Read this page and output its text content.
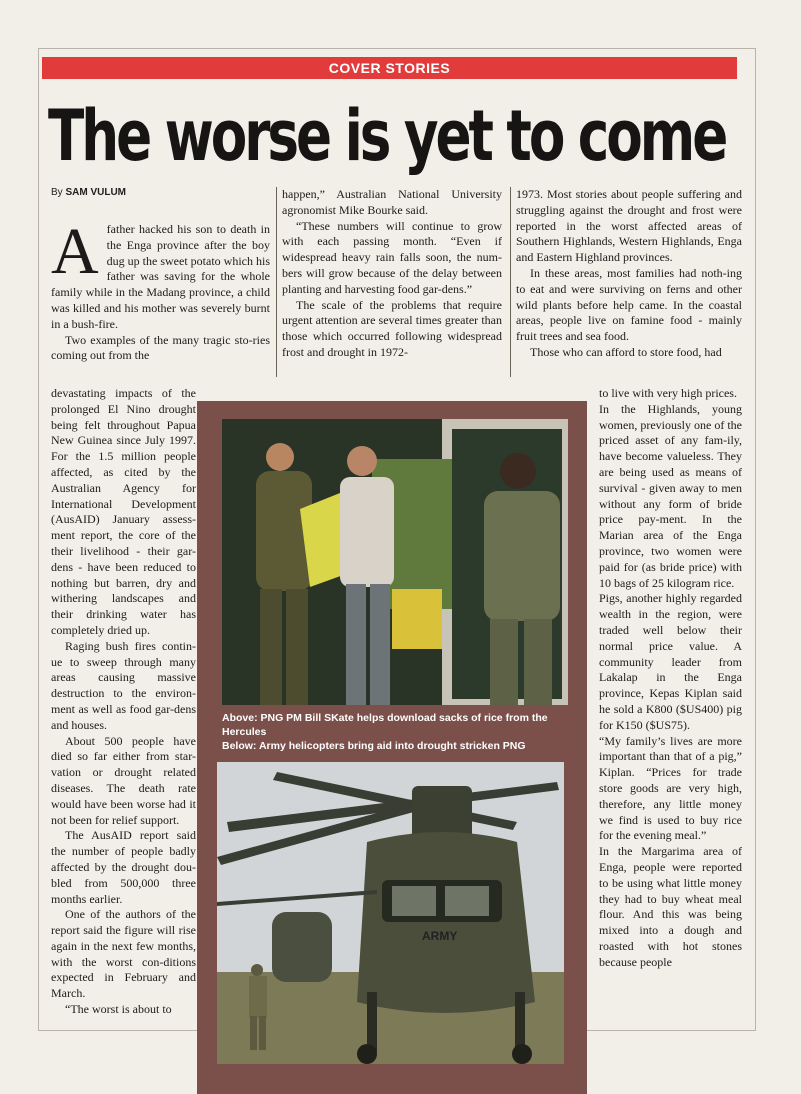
COVER STORIES
The worse is yet to come
By SAM VULUM
A father hacked his son to death in the Enga province after the boy dug up the sweet potato which his father was saving for the whole family while in the Madang province, a child was killed and his mother was severely burnt in a bush-fire.

Two examples of the many tragic sto-ries coming out from the

devastating impacts of the prolonged El Nino drought being felt throughout Papua New Guinea since July 1997. For the 1.5 million people affected, as cited by the Australian Agency for International Development (AusAID) January assess-ment report, the core of the their livelihood - their gar-dens - have been reduced to nothing but barren, dry and withering landscapes and their drinking water has completely dried up.

Raging bush fires contin-ue to sweep through many areas causing massive destruction to the environ-ment as well as food gar-dens and houses.

About 500 people have died so far either from star-vation or drought related diseases. The death rate would have been worse had it not been for relief support.

The AusAID report said the number of people badly affected by the drought dou-bled from 500,000 three months earlier.

One of the authors of the report said the figure will rise again in the next few months, with the worst con-ditions expected in February and March.

“The worst is about to

happen,” Australian National University agronomist Mike Bourke said.

“These numbers will continue to grow with each passing month. “Even if widespread heavy rain falls soon, the num-bers will grow because of the delay between planting and harvesting food gar-dens.”

The scale of the problems that require urgent attention are several times greater than those which occurred following widespread frost and drought in 1972-

1973. Most stories about people suffering and struggling against the drought and frost were reported in the worst affected areas of Southern Highlands, Western Highlands, Enga and Eastern Highland provinces.

In these areas, most families had noth-ing to eat and were surviving on ferns and other wild plants before help came. In the coastal areas, people live on famine food - mainly fruit trees and sea food.

Those who can afford to store food, had

to live with very high prices.

In the Highlands, young women, previously one of the priced asset of any fam-ily, have become valueless. They are being used as means of survival - given away to men without any form of bride price pay-ment. In the Marian area of the Enga province, two women were paid for (as bride price) with 10 bags of 25 kilogram rice.

Pigs, another highly regarded wealth in the region, were traded well below their normal price value. A community leader from Lakalap in the Enga province, Kepas Kiplan said he sold a K800 ($US400) pig for K150 ($US75).

“My family’s lives are more important than that of a pig,” Kiplan. “Prices for trade store goods are very high, therefore, any little money we find is used to buy rice for the evening meal.”

In the Margarima area of Enga, people were reported to be using what little money they had to buy wheat meal flour. And this was being mixed into a dough and roasted with hot stones because people

Above: PNG PM Bill SKate helps download sacks of rice from the Hercules
Below: Army helicopters bring aid into drought stricken PNG
ARMY
